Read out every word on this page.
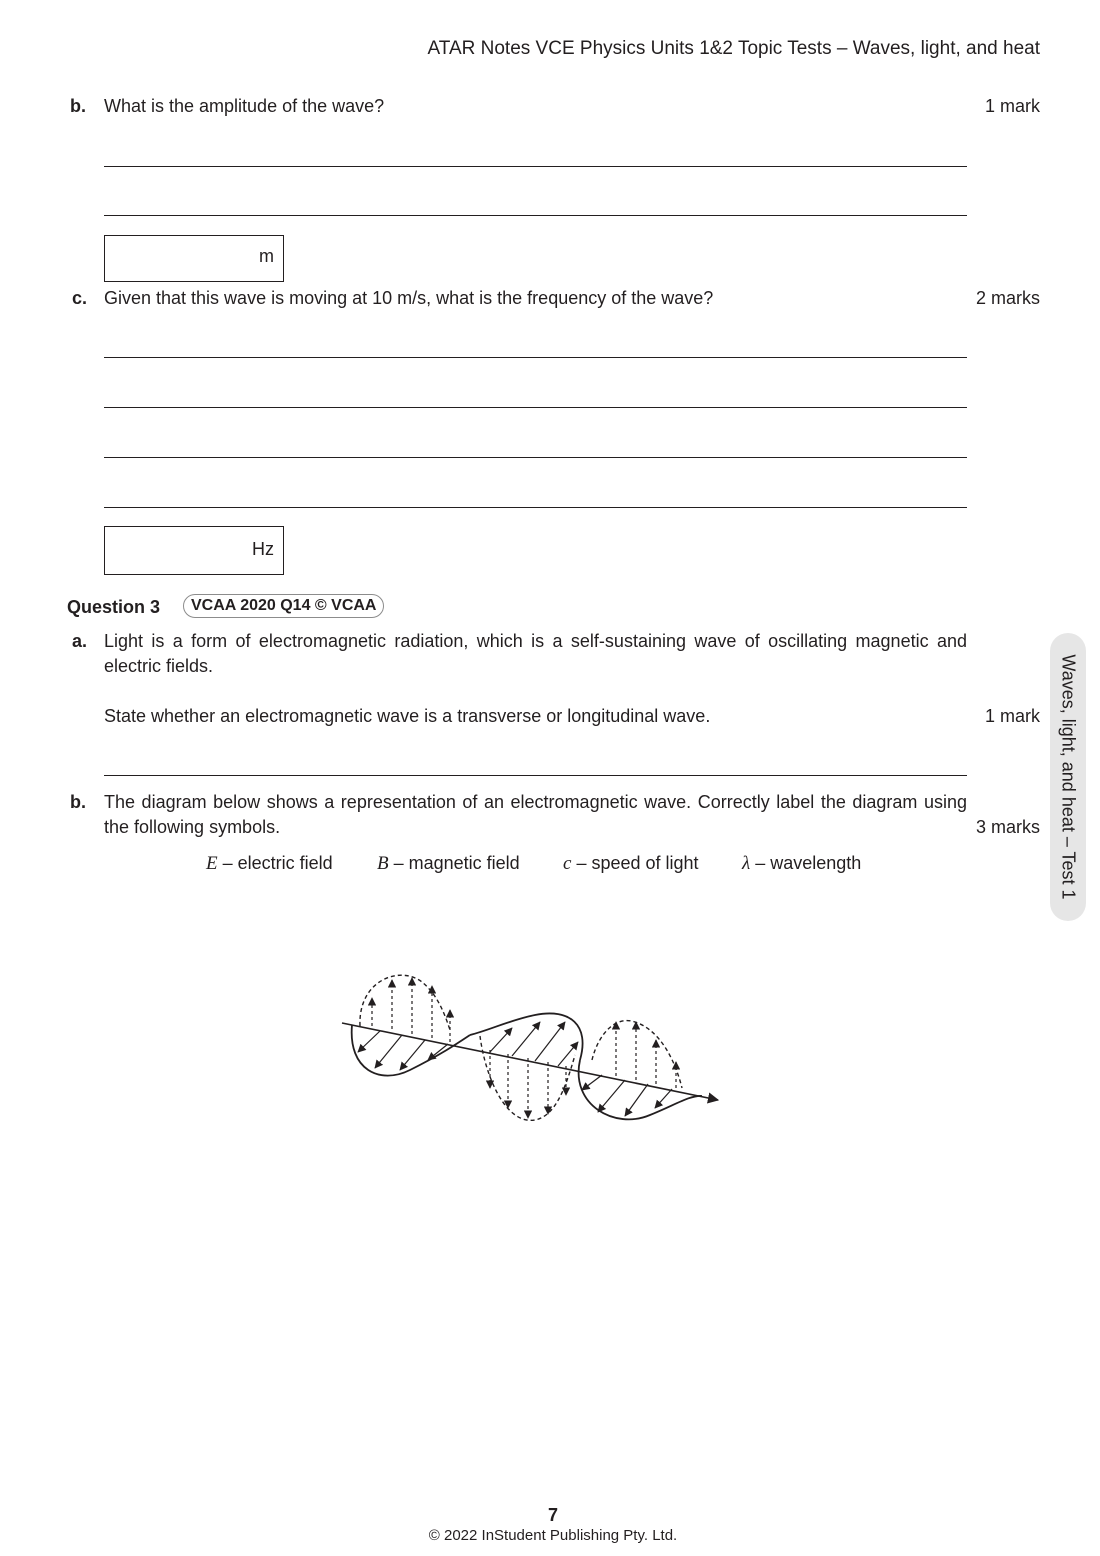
ATAR Notes VCE Physics Units 1&2 Topic Tests – Waves, light, and heat
b. What is the amplitude of the wave?	1 mark
m
c. Given that this wave is moving at 10 m/s, what is the frequency of the wave?	2 marks
Hz
Question 3	VCAA 2020 Q14 © VCAA
a. Light is a form of electromagnetic radiation, which is a self-sustaining wave of oscillating magnetic and electric fields.
State whether an electromagnetic wave is a transverse or longitudinal wave.	1 mark
b. The diagram below shows a representation of an electromagnetic wave. Correctly label the diagram using the following symbols.	3 marks
E – electric field B – magnetic field c – speed of light λ – wavelength	Waves, light, and heat – Test 1
7
© 2022 InStudent Publishing Pty. Ltd.
